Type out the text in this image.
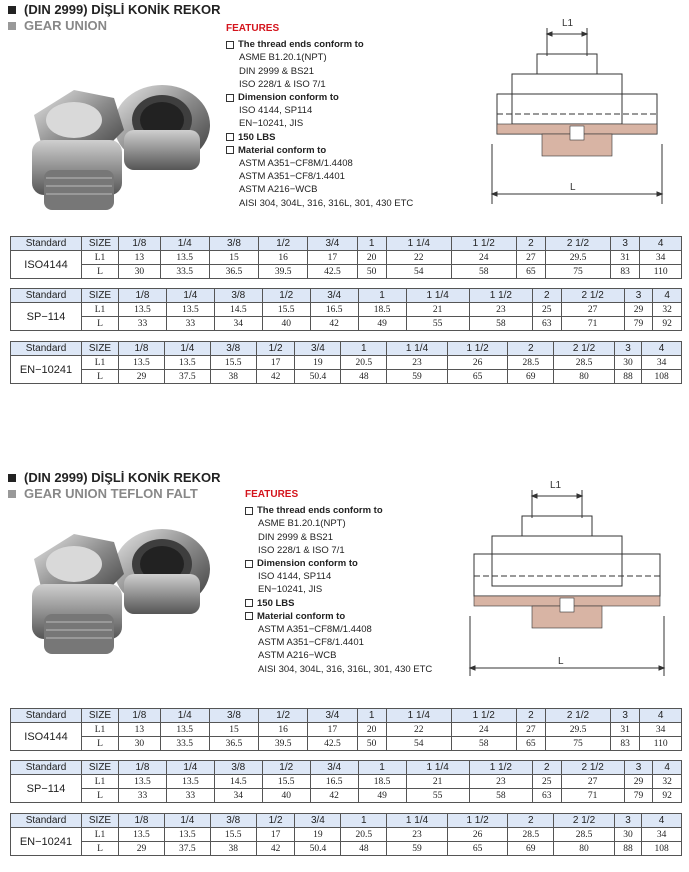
(DIN 2999) DİŞLİ KONİK REKOR
GEAR UNION	FEATURES
The thread ends conform to
ASME B1.20.1(NPT)
DIN 2999 & BS21
ISO 228/1 & ISO 7/1
Dimension conform to
ISO 4144, SP114
EN−10241, JIS
150 LBS
Material conform to
ASTM A351−CF8M/1.4408
ASTM A351−CF8/1.4401
ASTM A216−WCB
AISI 304, 304L, 316, 316L, 301, 430 ETC
L1
L
Standard	SIZE	1/8	1/4	3/8	1/2	3/4	1	1 1/4	1 1/2	2	2 1/2	3	4
ISO4144	L1	13	13.5	15	16	17	20	22	24	27	29.5	31	34
	L	30	33.5	36.5	39.5	42.5	50	54	58	65	75	83	110
Standard	SIZE	1/8	1/4	3/8	1/2	3/4	1	1 1/4	1 1/2	2	2 1/2	3	4
SP−114	L1	13.5	13.5	14.5	15.5	16.5	18.5	21	23	25	27	29	32
	L	33	33	34	40	42	49	55	58	63	71	79	92
Standard	SIZE	1/8	1/4	3/8	1/2	3/4	1	1 1/4	1 1/2	2	2 1/2	3	4
EN−10241	L1	13.5	13.5	15.5	17	19	20.5	23	26	28.5	28.5	30	34
	L	29	37.5	38	42	50.4	48	59	65	69	80	88	108
(DIN 2999) DİŞLİ KONİK REKOR
GEAR UNION TEFLON FALT	FEATURES
The thread ends conform to
ASME B1.20.1(NPT)
DIN 2999 & BS21
ISO 228/1 & ISO 7/1
Dimension conform to
ISO 4144, SP114
EN−10241, JIS
150 LBS
Material conform to
ASTM A351−CF8M/1.4408
ASTM A351−CF8/1.4401
ASTM A216−WCB
AISI 304, 304L, 316, 316L, 301, 430 ETC
L1
L
Standard	SIZE	1/8	1/4	3/8	1/2	3/4	1	1 1/4	1 1/2	2	2 1/2	3	4
ISO4144	L1	13	13.5	15	16	17	20	22	24	27	29.5	31	34
	L	30	33.5	36.5	39.5	42.5	50	54	58	65	75	83	110
Standard	SIZE	1/8	1/4	3/8	1/2	3/4	1	1 1/4	1 1/2	2	2 1/2	3	4
SP−114	L1	13.5	13.5	14.5	15.5	16.5	18.5	21	23	25	27	29	32
	L	33	33	34	40	42	49	55	58	63	71	79	92
Standard	SIZE	1/8	1/4	3/8	1/2	3/4	1	1 1/4	1 1/2	2	2 1/2	3	4
EN−10241	L1	13.5	13.5	15.5	17	19	20.5	23	26	28.5	28.5	30	34
	L	29	37.5	38	42	50.4	48	59	65	69	80	88	108
